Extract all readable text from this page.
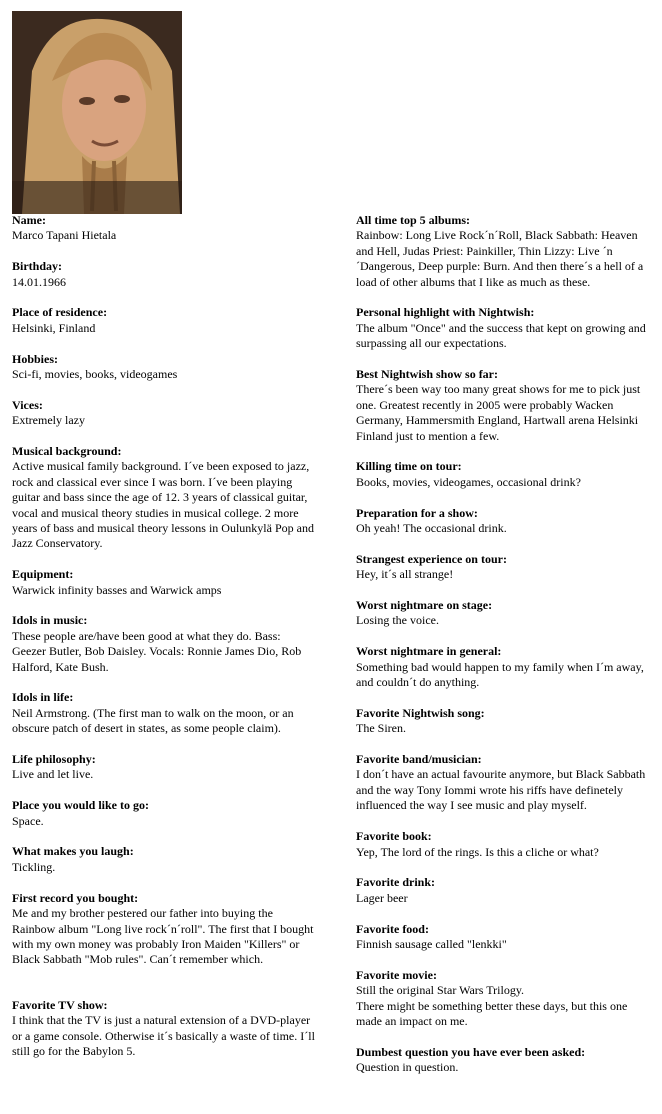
Name:
Marco Tapani Hietala
Birthday:
14.01.1966
Place of residence:
Helsinki, Finland
Hobbies:
Sci-fi, movies, books, videogames
Vices:
Extremely lazy
Musical background:
Active musical family background. I´ve been exposed to jazz, rock and classical ever since I was born. I´ve been playing guitar and bass since the age of 12. 3 years of classical guitar, vocal and musical theory studies in musical college. 2 more years of bass and musical theory lessons in Oulunkylä Pop and Jazz Conservatory.
Equipment:
Warwick infinity basses and Warwick amps
Idols in music:
These people are/have been good at what they do. Bass: Geezer Butler, Bob Daisley. Vocals: Ronnie James Dio, Rob Halford, Kate Bush.
Idols in life:
Neil Armstrong. (The first man to walk on the moon, or an obscure patch of desert in states, as some people claim).
Life philosophy:
Live and let live.
Place you would like to go:
Space.
What makes you laugh:
Tickling.
First record you bought:
Me and my brother pestered our father into buying the Rainbow album "Long live rock´n´roll". The first that I bought with my own money was probably Iron Maiden "Killers" or Black Sabbath "Mob rules". Can´t remember which.
Favorite TV show:
I think that the TV is just a natural extension of a DVD-player or a game console. Otherwise it´s basically a waste of time. I´ll still go for the Babylon 5.
All time top 5 albums:
Rainbow: Long Live Rock´n´Roll, Black Sabbath: Heaven and Hell, Judas Priest: Painkiller, Thin Lizzy: Live ´n´Dangerous, Deep purple: Burn. And then there´s a hell of a load of other albums that I like as much as these.
Personal highlight with Nightwish:
The album "Once" and the success that kept on growing and surpassing all our expectations.
Best Nightwish show so far:
There´s been way too many great shows for me to pick just one. Greatest recently in 2005 were probably Wacken Germany, Hammersmith England, Hartwall arena Helsinki Finland just to mention a few.
Killing time on tour:
Books, movies, videogames, occasional drink?
Preparation for a show:
Oh yeah! The occasional drink.
Strangest experience on tour:
Hey, it´s all strange!
Worst nightmare on stage:
Losing the voice.
Worst nightmare in general:
Something bad would happen to my family when I´m away, and couldn´t do anything.
Favorite Nightwish song:
The Siren.
Favorite band/musician:
I don´t have an actual favourite anymore, but Black Sabbath and the way Tony Iommi wrote his riffs have definetely influenced the way I see music and play myself.
Favorite book:
Yep, The lord of the rings. Is this a cliche or what?
Favorite drink:
Lager beer
Favorite food:
Finnish sausage called "lenkki"
Favorite movie:
Still the original Star Wars Trilogy.
There might be something better these days, but this one made an impact on me.
Dumbest question you have ever been asked:
Question in question.
